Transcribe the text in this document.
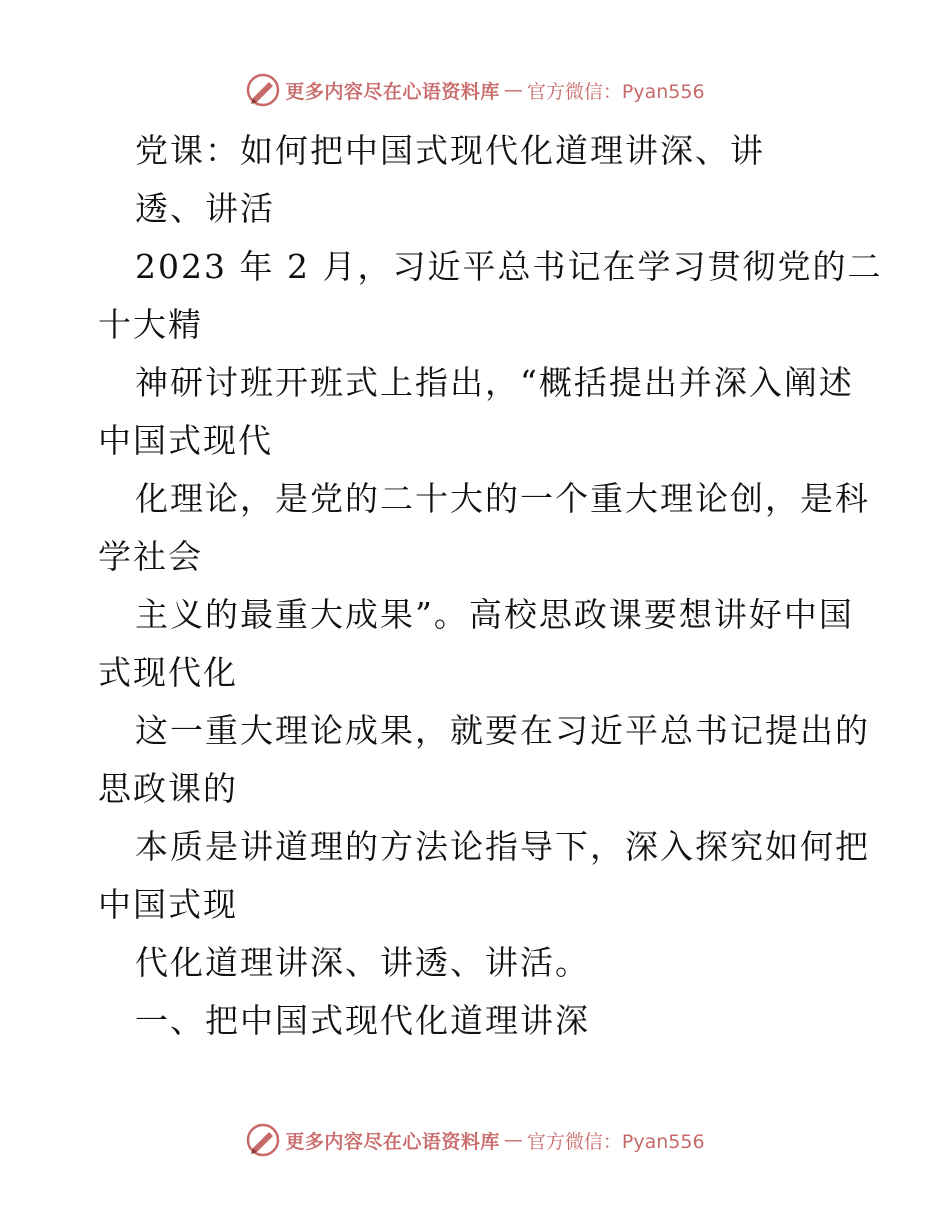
更多内容尽在心语资料库 — 官方微信：Pyan556
党课：如何把中国式现代化道理讲深、讲
透、讲活
2023 年 2 月，习近平总书记在学习贯彻党的二
十大精
神研讨班开班式上指出，“概括提出并深入阐述
中国式现代
化理论，是党的二十大的一个重大理论创，是科
学社会
主义的最重大成果”。高校思政课要想讲好中国
式现代化
这一重大理论成果，就要在习近平总书记提出的
思政课的
本质是讲道理的方法论指导下，深入探究如何把
中国式现
代化道理讲深、讲透、讲活。
一、把中国式现代化道理讲深
更多内容尽在心语资料库 — 官方微信：Pyan556
